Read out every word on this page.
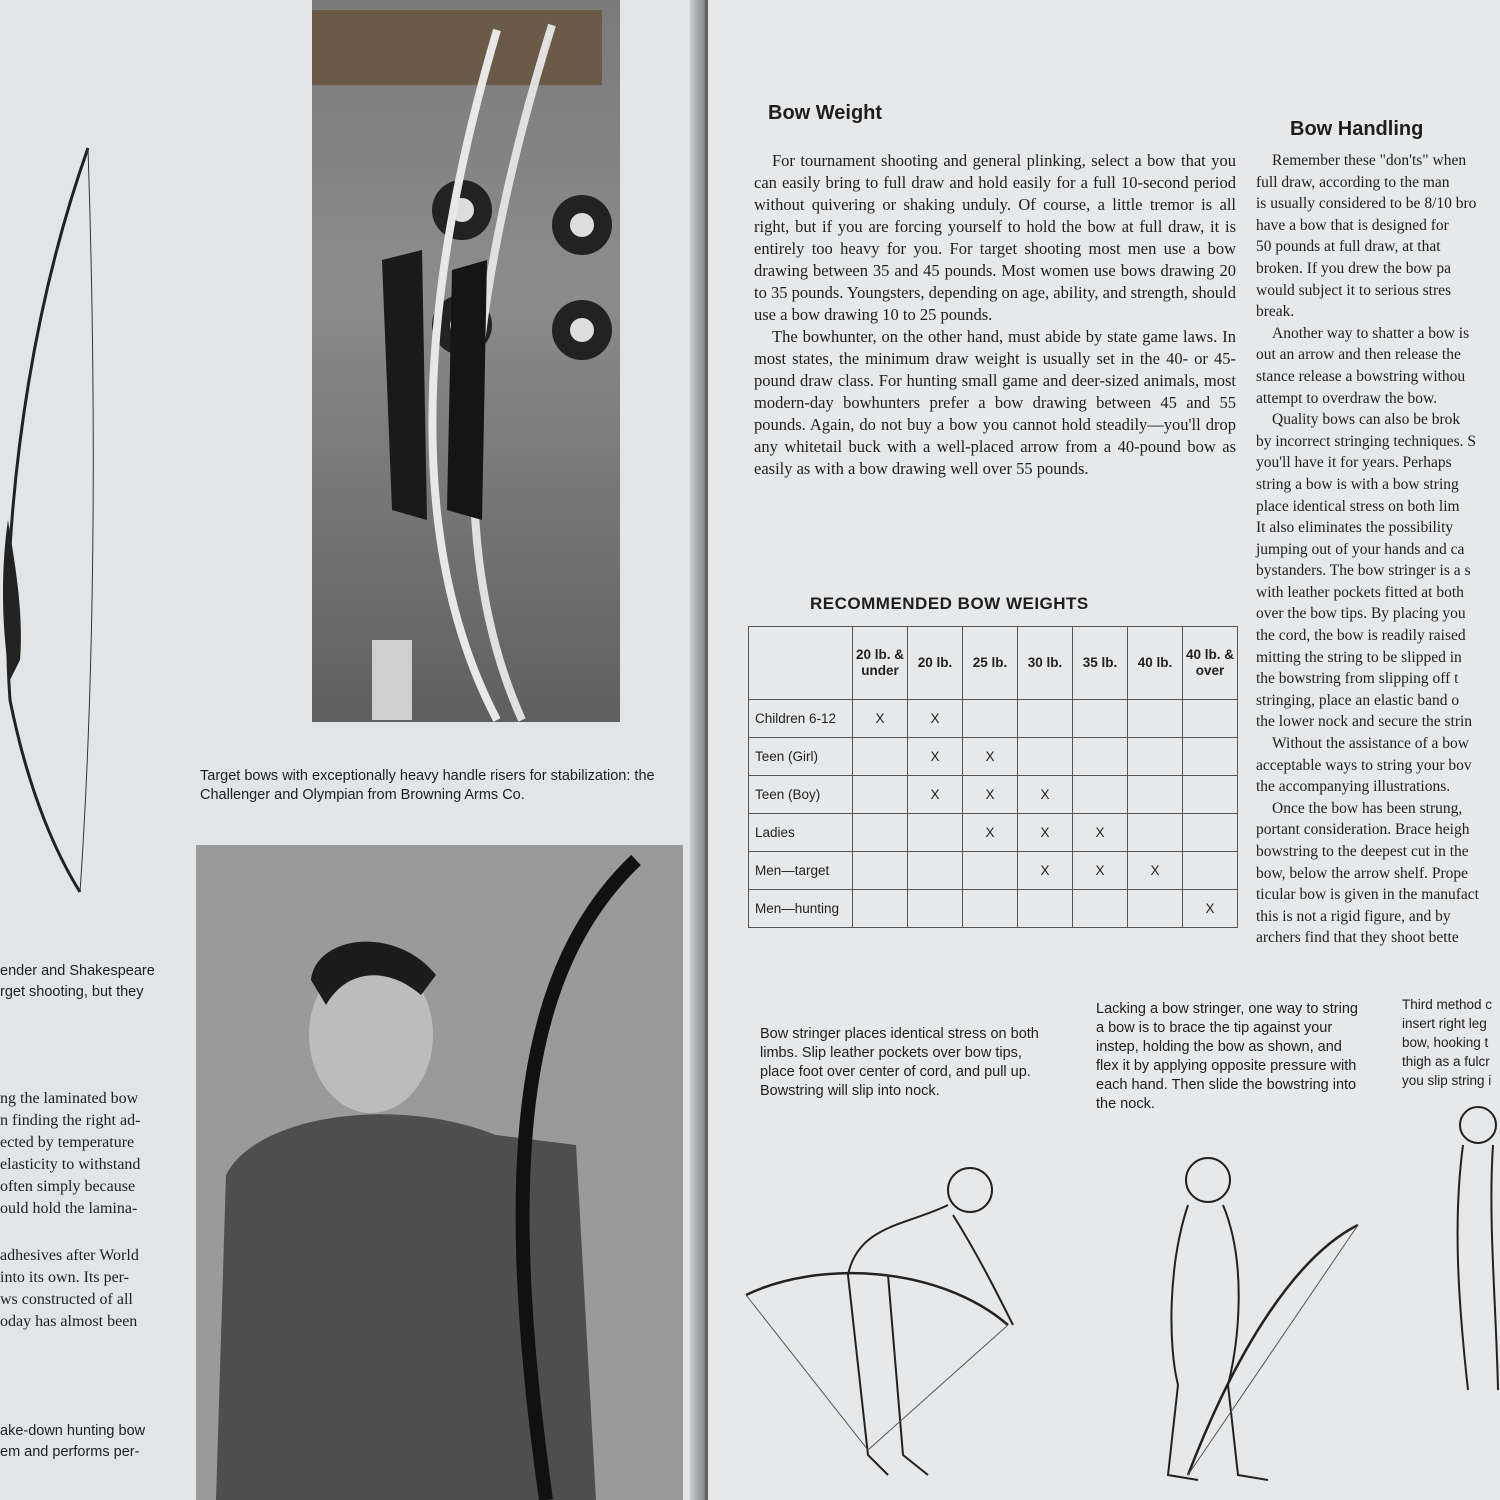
Target bows with exceptionally heavy handle risers for stabilization: the Challenger and Olympian from Browning Arms Co.
ender and Shakespeare
rget shooting, but they
ng the laminated bow
n finding the right ad-
ected by temperature
elasticity to withstand
often simply because
ould hold the lamina-
adhesives after World
into its own. Its per-
ws constructed of all
oday has almost been
ake-down hunting bow
em and performs per-
Bow Weight

For tournament shooting and general plinking, select a bow that you can easily bring to full draw and hold easily for a full 10-second period without quivering or shaking unduly. Of course, a little tremor is all right, but if you are forcing yourself to hold the bow at full draw, it is entirely too heavy for you. For target shooting most men use a bow drawing between 35 and 45 pounds. Most women use bows drawing 20 to 35 pounds. Youngsters, depending on age, ability, and strength, should use a bow drawing 10 to 25 pounds.

The bowhunter, on the other hand, must abide by state game laws. In most states, the minimum draw weight is usually set in the 40- or 45-pound draw class. For hunting small game and deer-sized animals, most modern-day bowhunters prefer a bow drawing between 45 and 55 pounds. Again, do not buy a bow you cannot hold steadily—you'll drop any whitetail buck with a well-placed arrow from a 40-pound bow as easily as with a bow drawing well over 55 pounds.

RECOMMENDED BOW WEIGHTS
	20 lb. & under	20 lb.	25 lb.	30 lb.	35 lb.	40 lb.	40 lb. & over
Children 6-12	X	X					
Teen (Girl)		X	X				
Teen (Boy)		X	X	X			
Ladies			X	X	X		
Men—target				X	X	X	
Men—hunting							X
Bow Handling
Remember these "don'ts" when
full draw, according to the man
is usually considered to be 8/10 bro
have a bow that is designed for
50 pounds at full draw, at that
broken. If you drew the bow pa
would subject it to serious stres
break.
Another way to shatter a bow is
out an arrow and then release the
stance release a bowstring withou
attempt to overdraw the bow.
Quality bows can also be brok
by incorrect stringing techniques. S
you'll have it for years. Perhaps
string a bow is with a bow string
place identical stress on both lim
It also eliminates the possibility
jumping out of your hands and ca
bystanders. The bow stringer is a s
with leather pockets fitted at both
over the bow tips. By placing you
the cord, the bow is readily raised
mitting the string to be slipped in
the bowstring from slipping off t
stringing, place an elastic band o
the lower nock and secure the strin
Without the assistance of a bow
acceptable ways to string your bov
the accompanying illustrations.
Once the bow has been strung,
portant consideration. Brace heigh
bowstring to the deepest cut in the
bow, below the arrow shelf. Prope
ticular bow is given in the manufact
this is not a rigid figure, and by
archers find that they shoot bette
Bow stringer places identical stress on both limbs. Slip leather pockets over bow tips, place foot over center of cord, and pull up. Bowstring will slip into nock.
Lacking a bow stringer, one way to string a bow is to brace the tip against your instep, holding the bow as shown, and flex it by applying opposite pressure with each hand. Then slide the bowstring into the nock.
Third method c
insert right leg
bow, hooking t
thigh as a fulcr
you slip string i
